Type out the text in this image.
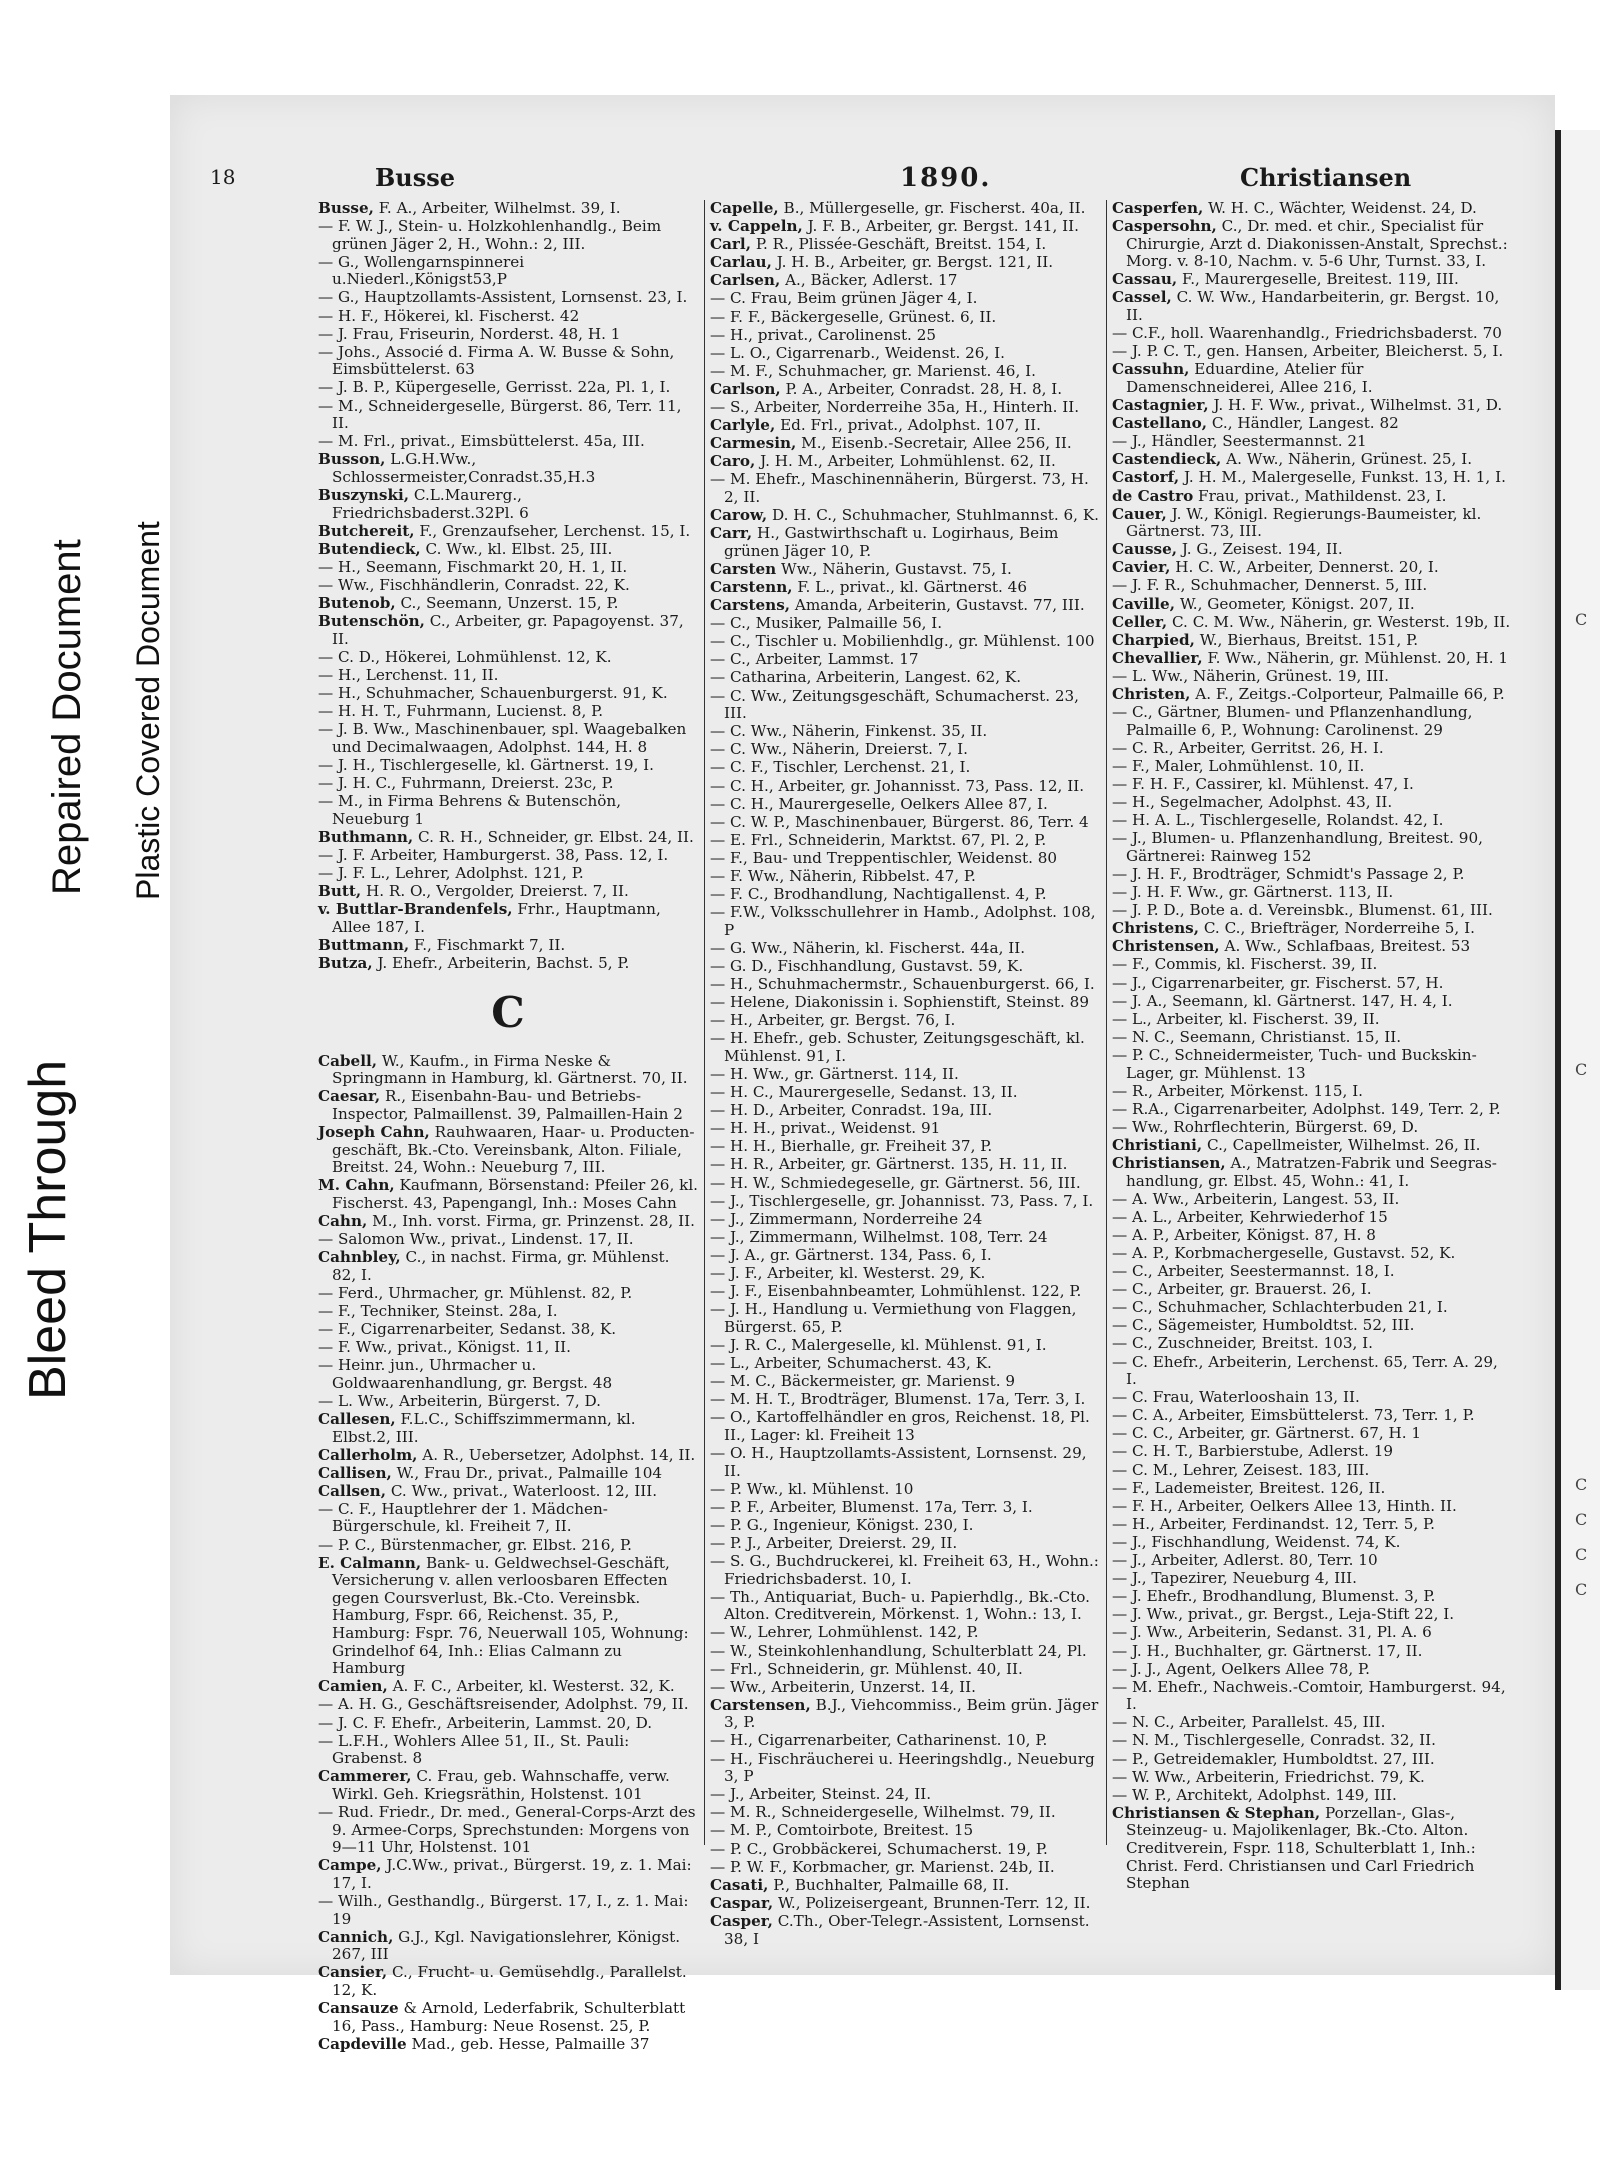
Bleed Through
Repaired Document Plastic Covered Document	C
C
C
C
C
C
18	Busse	1890.	Christiansen
Busse, F. A., Arbeiter, Wilhelmst. 39, I.
— F. W. J., Stein- u. Holzkohlenhandlg., Beim grünen Jäger 2, H., Wohn.: 2, III.
— G., Wollengarnspinnerei u.Niederl.,Königst53,P
— G., Hauptzollamts-Assistent, Lornsenst. 23, I.
— H. F., Hökerei, kl. Fischerst. 42
— J. Frau, Friseurin, Norderst. 48, H. 1
— Johs., Associé d. Firma A. W. Busse & Sohn, Eimsbüttelerst. 63
— J. B. P., Küpergeselle, Gerrisst. 22a, Pl. 1, I.
— M., Schneidergeselle, Bürgerst. 86, Terr. 11, II.
— M. Frl., privat., Eimsbüttelerst. 45a, III.
Busson, L.G.H.Ww., Schlossermeister,Conradst.35,H.3
Buszynski, C.L.Maurerg., Friedrichsbaderst.32Pl. 6
Butchereit, F., Grenzaufseher, Lerchenst. 15, I.
Butendieck, C. Ww., kl. Elbst. 25, III.
— H., Seemann, Fischmarkt 20, H. 1, II.
— Ww., Fischhändlerin, Conradst. 22, K.
Butenob, C., Seemann, Unzerst. 15, P.
Butenschön, C., Arbeiter, gr. Papagoyenst. 37, II.
— C. D., Hökerei, Lohmühlenst. 12, K.
— H., Lerchenst. 11, II.
— H., Schuhmacher, Schauenburgerst. 91, K.
— H. H. T., Fuhrmann, Lucienst. 8, P.
— J. B. Ww., Maschinenbauer, spl. Waagebalken und Decimalwaagen, Adolphst. 144, H. 8
— J. H., Tischlergeselle, kl. Gärtnerst. 19, I.
— J. H. C., Fuhrmann, Dreierst. 23c, P.
— M., in Firma Behrens & Butenschön, Neueburg 1
Buthmann, C. R. H., Schneider, gr. Elbst. 24, II.
— J. F. Arbeiter, Hamburgerst. 38, Pass. 12, I.
— J. F. L., Lehrer, Adolphst. 121, P.
Butt, H. R. O., Vergolder, Dreierst. 7, II.
v. Buttlar-Brandenfels, Frhr., Hauptmann, Allee 187, I.
Buttmann, F., Fischmarkt 7, II.
Butza, J. Ehefr., Arbeiterin, Bachst. 5, P.
C
Cabell, W., Kaufm., in Firma Neske & Springmann in Hamburg, kl. Gärtnerst. 70, II.
Caesar, R., Eisenbahn-Bau- und Betriebs-Inspector, Palmaillenst. 39, Palmaillen-Hain 2
Joseph Cahn, Rauhwaaren, Haar- u. Producten-geschäft, Bk.-Cto. Vereinsbank, Alton. Filiale, Breitst. 24, Wohn.: Neueburg 7, III.
M. Cahn, Kaufmann, Börsenstand: Pfeiler 26, kl. Fischerst. 43, Papengangl, Inh.: Moses Cahn
Cahn, M., Inh. vorst. Firma, gr. Prinzenst. 28, II.
— Salomon Ww., privat., Lindenst. 17, II.
Cahnbley, C., in nachst. Firma, gr. Mühlenst. 82, I.
— Ferd., Uhrmacher, gr. Mühlenst. 82, P.
— F., Techniker, Steinst. 28a, I.
— F., Cigarrenarbeiter, Sedanst. 38, K.
— F. Ww., privat., Königst. 11, II.
— Heinr. jun., Uhrmacher u. Goldwaarenhandlung, gr. Bergst. 48
— L. Ww., Arbeiterin, Bürgerst. 7, D.
Callesen, F.L.C., Schiffszimmermann, kl. Elbst.2, III.
Callerholm, A. R., Uebersetzer, Adolphst. 14, II.
Callisen, W., Frau Dr., privat., Palmaille 104
Callsen, C. Ww., privat., Waterloost. 12, III.
— C. F., Hauptlehrer der 1. Mädchen-Bürgerschule, kl. Freiheit 7, II.
— P. C., Bürstenmacher, gr. Elbst. 216, P.
E. Calmann, Bank- u. Geldwechsel-Geschäft, Versicherung v. allen verloosbaren Effecten gegen Coursverlust, Bk.-Cto. Vereinsbk. Hamburg, Fspr. 66, Reichenst. 35, P., Hamburg: Fspr. 76, Neuerwall 105, Wohnung: Grindelhof 64, Inh.: Elias Calmann zu Hamburg
Camien, A. F. C., Arbeiter, kl. Westerst. 32, K.
— A. H. G., Geschäftsreisender, Adolphst. 79, II.
— J. C. F. Ehefr., Arbeiterin, Lammst. 20, D.
— L.F.H., Wohlers Allee 51, II., St. Pauli: Grabenst. 8
Cammerer, C. Frau, geb. Wahnschaffe, verw. Wirkl. Geh. Kriegsräthin, Holstenst. 101
— Rud. Friedr., Dr. med., General-Corps-Arzt des 9. Armee-Corps, Sprechstunden: Morgens von 9—11 Uhr, Holstenst. 101
Campe, J.C.Ww., privat., Bürgerst. 19, z. 1. Mai: 17, I.
— Wilh., Gesthandlg., Bürgerst. 17, I., z. 1. Mai: 19
Cannich, G.J., Kgl. Navigationslehrer, Königst. 267, III
Cansier, C., Frucht- u. Gemüsehdlg., Parallelst. 12, K.
Cansauze & Arnold, Lederfabrik, Schulterblatt 16, Pass., Hamburg: Neue Rosenst. 25, P.
Capdeville Mad., geb. Hesse, Palmaille 37
Capelle, B., Müllergeselle, gr. Fischerst. 40a, II.
v. Cappeln, J. F. B., Arbeiter, gr. Bergst. 141, II.
Carl, P. R., Plissée-Geschäft, Breitst. 154, I.
Carlau, J. H. B., Arbeiter, gr. Bergst. 121, II.
Carlsen, A., Bäcker, Adlerst. 17
— C. Frau, Beim grünen Jäger 4, I.
— F. F., Bäckergeselle, Grünest. 6, II.
— H., privat., Carolinenst. 25
— L. O., Cigarrenarb., Weidenst. 26, I.
— M. F., Schuhmacher, gr. Marienst. 46, I.
Carlson, P. A., Arbeiter, Conradst. 28, H. 8, I.
— S., Arbeiter, Norderreihe 35a, H., Hinterh. II.
Carlyle, Ed. Frl., privat., Adolphst. 107, II.
Carmesin, M., Eisenb.-Secretair, Allee 256, II.
Caro, J. H. M., Arbeiter, Lohmühlenst. 62, II.
— M. Ehefr., Maschinennäherin, Bürgerst. 73, H. 2, II.
Carow, D. H. C., Schuhmacher, Stuhlmannst. 6, K.
Carr, H., Gastwirthschaft u. Logirhaus, Beim grünen Jäger 10, P.
Carsten Ww., Näherin, Gustavst. 75, I.
Carstenn, F. L., privat., kl. Gärtnerst. 46
Carstens, Amanda, Arbeiterin, Gustavst. 77, III.
— C., Musiker, Palmaille 56, I.
— C., Tischler u. Mobilienhdlg., gr. Mühlenst. 100
— C., Arbeiter, Lammst. 17
— Catharina, Arbeiterin, Langest. 62, K.
— C. Ww., Zeitungsgeschäft, Schumacherst. 23, III.
— C. Ww., Näherin, Finkenst. 35, II.
— C. Ww., Näherin, Dreierst. 7, I.
— C. F., Tischler, Lerchenst. 21, I.
— C. H., Arbeiter, gr. Johannisst. 73, Pass. 12, II.
— C. H., Maurergeselle, Oelkers Allee 87, I.
— C. W. P., Maschinenbauer, Bürgerst. 86, Terr. 4
— E. Frl., Schneiderin, Marktst. 67, Pl. 2, P.
— F., Bau- und Treppentischler, Weidenst. 80
— F. Ww., Näherin, Ribbelst. 47, P.
— F. C., Brodhandlung, Nachtigallenst. 4, P.
— F.W., Volksschullehrer in Hamb., Adolphst. 108, P
— G. Ww., Näherin, kl. Fischerst. 44a, II.
— G. D., Fischhandlung, Gustavst. 59, K.
— H., Schuhmachermstr., Schauenburgerst. 66, I.
— Helene, Diakonissin i. Sophienstift, Steinst. 89
— H., Arbeiter, gr. Bergst. 76, I.
— H. Ehefr., geb. Schuster, Zeitungsgeschäft, kl. Mühlenst. 91, I.
— H. Ww., gr. Gärtnerst. 114, II.
— H. C., Maurergeselle, Sedanst. 13, II.
— H. D., Arbeiter, Conradst. 19a, III.
— H. H., privat., Weidenst. 91
— H. H., Bierhalle, gr. Freiheit 37, P.
— H. R., Arbeiter, gr. Gärtnerst. 135, H. 11, II.
— H. W., Schmiedegeselle, gr. Gärtnerst. 56, III.
— J., Tischlergeselle, gr. Johannisst. 73, Pass. 7, I.
— J., Zimmermann, Norderreihe 24
— J., Zimmermann, Wilhelmst. 108, Terr. 24
— J. A., gr. Gärtnerst. 134, Pass. 6, I.
— J. F., Arbeiter, kl. Westerst. 29, K.
— J. F., Eisenbahnbeamter, Lohmühlenst. 122, P.
— J. H., Handlung u. Vermiethung von Flaggen, Bürgerst. 65, P.
— J. R. C., Malergeselle, kl. Mühlenst. 91, I.
— L., Arbeiter, Schumacherst. 43, K.
— M. C., Bäckermeister, gr. Marienst. 9
— M. H. T., Brodträger, Blumenst. 17a, Terr. 3, I.
— O., Kartoffelhändler en gros, Reichenst. 18, Pl. II., Lager: kl. Freiheit 13
— O. H., Hauptzollamts-Assistent, Lornsenst. 29, II.
— P. Ww., kl. Mühlenst. 10
— P. F., Arbeiter, Blumenst. 17a, Terr. 3, I.
— P. G., Ingenieur, Königst. 230, I.
— P. J., Arbeiter, Dreierst. 29, II.
— S. G., Buchdruckerei, kl. Freiheit 63, H., Wohn.: Friedrichsbaderst. 10, I.
— Th., Antiquariat, Buch- u. Papierhdlg., Bk.-Cto. Alton. Creditverein, Mörkenst. 1, Wohn.: 13, I.
— W., Lehrer, Lohmühlenst. 142, P.
— W., Steinkohlenhandlung, Schulterblatt 24, Pl.
— Frl., Schneiderin, gr. Mühlenst. 40, II.
— Ww., Arbeiterin, Unzerst. 14, II.
Carstensen, B.J., Viehcommiss., Beim grün. Jäger 3, P.
— H., Cigarrenarbeiter, Catharinenst. 10, P.
— H., Fischräucherei u. Heeringshdlg., Neueburg 3, P
— J., Arbeiter, Steinst. 24, II.
— M. R., Schneidergeselle, Wilhelmst. 79, II.
— M. P., Comtoirbote, Breitest. 15
— P. C., Grobbäckerei, Schumacherst. 19, P.
— P. W. F., Korbmacher, gr. Marienst. 24b, II.
Casati, P., Buchhalter, Palmaille 68, II.
Caspar, W., Polizeisergeant, Brunnen-Terr. 12, II.
Casper, C.Th., Ober-Telegr.-Assistent, Lornsenst. 38, I
Casperfen, W. H. C., Wächter, Weidenst. 24, D.
Caspersohn, C., Dr. med. et chir., Specialist für Chirurgie, Arzt d. Diakonissen-Anstalt, Sprechst.: Morg. v. 8-10, Nachm. v. 5-6 Uhr, Turnst. 33, I.
Cassau, F., Maurergeselle, Breitest. 119, III.
Cassel, C. W. Ww., Handarbeiterin, gr. Bergst. 10, II.
— C.F., holl. Waarenhandlg., Friedrichsbaderst. 70
— J. P. C. T., gen. Hansen, Arbeiter, Bleicherst. 5, I.
Cassuhn, Eduardine, Atelier für Damenschneiderei, Allee 216, I.
Castagnier, J. H. F. Ww., privat., Wilhelmst. 31, D.
Castellano, C., Händler, Langest. 82
— J., Händler, Seestermannst. 21
Castendieck, A. Ww., Näherin, Grünest. 25, I.
Castorf, J. H. M., Malergeselle, Funkst. 13, H. 1, I.
de Castro Frau, privat., Mathildenst. 23, I.
Cauer, J. W., Königl. Regierungs-Baumeister, kl. Gärtnerst. 73, III.
Causse, J. G., Zeisest. 194, II.
Cavier, H. C. W., Arbeiter, Dennerst. 20, I.
— J. F. R., Schuhmacher, Dennerst. 5, III.
Caville, W., Geometer, Königst. 207, II.
Celler, C. C. M. Ww., Näherin, gr. Westerst. 19b, II.
Charpied, W., Bierhaus, Breitst. 151, P.
Chevallier, F. Ww., Näherin, gr. Mühlenst. 20, H. 1
— L. Ww., Näherin, Grünest. 19, III.
Christen, A. F., Zeitgs.-Colporteur, Palmaille 66, P.
— C., Gärtner, Blumen- und Pflanzenhandlung, Palmaille 6, P., Wohnung: Carolinenst. 29
— C. R., Arbeiter, Gerritst. 26, H. I.
— F., Maler, Lohmühlenst. 10, II.
— F. H. F., Cassirer, kl. Mühlenst. 47, I.
— H., Segelmacher, Adolphst. 43, II.
— H. A. L., Tischlergeselle, Rolandst. 42, I.
— J., Blumen- u. Pflanzenhandlung, Breitest. 90, Gärtnerei: Rainweg 152
— J. H. F., Brodträger, Schmidt's Passage 2, P.
— J. H. F. Ww., gr. Gärtnerst. 113, II.
— J. P. D., Bote a. d. Vereinsbk., Blumenst. 61, III.
Christens, C. C., Briefträger, Norderreihe 5, I.
Christensen, A. Ww., Schlafbaas, Breitest. 53
— F., Commis, kl. Fischerst. 39, II.
— J., Cigarrenarbeiter, gr. Fischerst. 57, H.
— J. A., Seemann, kl. Gärtnerst. 147, H. 4, I.
— L., Arbeiter, kl. Fischerst. 39, II.
— N. C., Seemann, Christianst. 15, II.
— P. C., Schneidermeister, Tuch- und Buckskin-Lager, gr. Mühlenst. 13
— R., Arbeiter, Mörkenst. 115, I.
— R.A., Cigarrenarbeiter, Adolphst. 149, Terr. 2, P.
— Ww., Rohrflechterin, Bürgerst. 69, D.
Christiani, C., Capellmeister, Wilhelmst. 26, II.
Christiansen, A., Matratzen-Fabrik und Seegras-handlung, gr. Elbst. 45, Wohn.: 41, I.
— A. Ww., Arbeiterin, Langest. 53, II.
— A. L., Arbeiter, Kehrwiederhof 15
— A. P., Arbeiter, Königst. 87, H. 8
— A. P., Korbmachergeselle, Gustavst. 52, K.
— C., Arbeiter, Seestermannst. 18, I.
— C., Arbeiter, gr. Brauerst. 26, I.
— C., Schuhmacher, Schlachterbuden 21, I.
— C., Sägemeister, Humboldtst. 52, III.
— C., Zuschneider, Breitst. 103, I.
— C. Ehefr., Arbeiterin, Lerchenst. 65, Terr. A. 29, I.
— C. Frau, Waterlooshain 13, II.
— C. A., Arbeiter, Eimsbüttelerst. 73, Terr. 1, P.
— C. C., Arbeiter, gr. Gärtnerst. 67, H. 1
— C. H. T., Barbierstube, Adlerst. 19
— C. M., Lehrer, Zeisest. 183, III.
— F., Lademeister, Breitest. 126, II.
— F. H., Arbeiter, Oelkers Allee 13, Hinth. II.
— H., Arbeiter, Ferdinandst. 12, Terr. 5, P.
— J., Fischhandlung, Weidenst. 74, K.
— J., Arbeiter, Adlerst. 80, Terr. 10
— J., Tapezirer, Neueburg 4, III.
— J. Ehefr., Brodhandlung, Blumenst. 3, P.
— J. Ww., privat., gr. Bergst., Leja-Stift 22, I.
— J. Ww., Arbeiterin, Sedanst. 31, Pl. A. 6
— J. H., Buchhalter, gr. Gärtnerst. 17, II.
— J. J., Agent, Oelkers Allee 78, P.
— M. Ehefr., Nachweis.-Comtoir, Hamburgerst. 94, I.
— N. C., Arbeiter, Parallelst. 45, III.
— N. M., Tischlergeselle, Conradst. 32, II.
— P., Getreidemakler, Humboldtst. 27, III.
— W. Ww., Arbeiterin, Friedrichst. 79, K.
— W. P., Architekt, Adolphst. 149, III.
Christiansen & Stephan, Porzellan-, Glas-, Steinzeug- u. Majolikenlager, Bk.-Cto. Alton. Creditverein, Fspr. 118, Schulterblatt 1, Inh.: Christ. Ferd. Christiansen und Carl Friedrich Stephan
